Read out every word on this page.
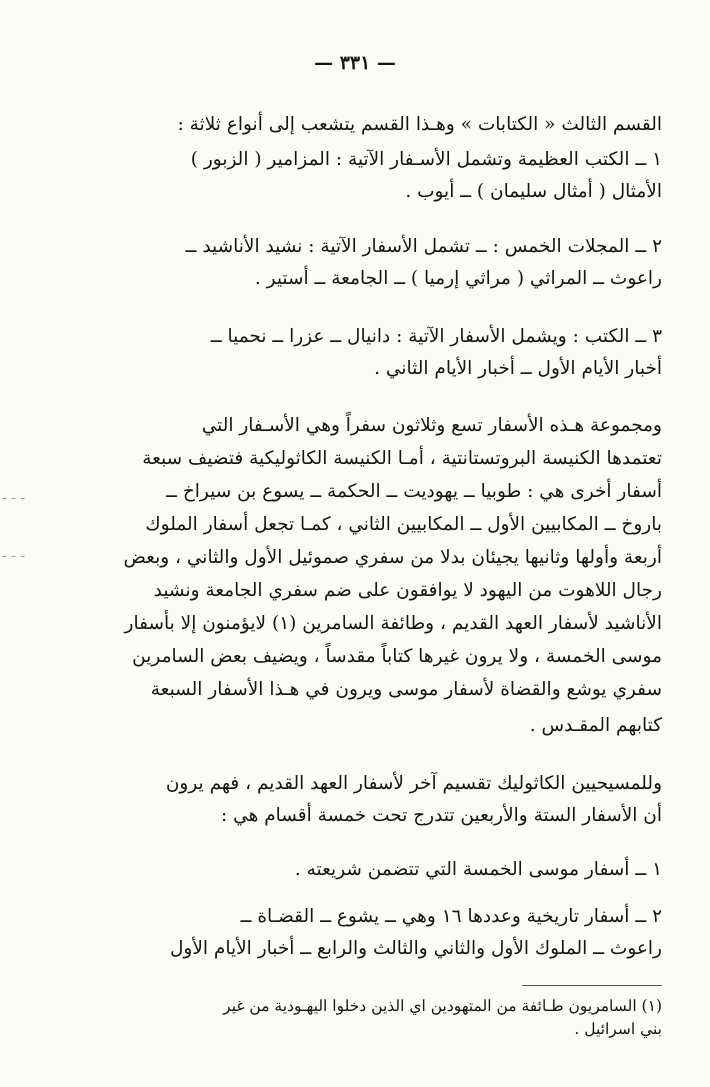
— ٣٣١ —
- - -
- - -
القسم الثالث « الكتابات » وهـذا القسم يتشعب إلى أنواع ثلاثة :
١ ــ الكتب العظيمة وتشمل الأسـفار الآتية : المزامير ( الزبور )
الأمثال ( أمثال سليمان ) ــ أيوب .
٢ ــ المجلات الخمس : ــ تشمل الأسفار الآتية : نشيد الأناشيد ــ
راعوث ــ المراثي ( مراثي إرميا ) ــ الجامعة ــ أستير .
٣ ــ الكتب : ويشمل الأسفار الآتية : دانيال ــ عزرا ــ نحميا ــ
أخبار الأيام الأول ــ أخبار الأيام الثاني .
ومجموعة هـذه الأسفار تسع وثلاثون سفراً وهي الأسـفار التي
تعتمدها الكنيسة البروتستانتية ، أمـا الكنيسة الكاثوليكية فتضيف سبعة
أسفار أخرى هي : طوبيا ــ يهوديت ــ الحكمة ــ يسوع بن سيراخ ــ
باروخ ــ المكابيين الأول ــ المكابيين الثاني ، كمـا تجعل أسفار الملوك
أربعة وأولها وثانيها يجيئان بدلا من سفري صموئيل الأول والثاني ، وبعض
رجال اللاهوت من اليهود لا يوافقون على ضم سفري الجامعة ونشيد
الأناشيد لأسفار العهد القديم ، وطائفة السامرين (١) لايؤمنون إلا بأسفار
موسى الخمسة ، ولا يرون غيرها كتاباً مقدساً ، ويضيف بعض السامرين
سفري يوشع والقضاة لأسفار موسى ويرون في هـذا الأسفار السبعة
كتابهم المقـدس .
وللمسيحيين الكاثوليك تقسيم آخر لأسفار العهد القديم ، فهم يرون
أن الأسفار الستة والأربعين تتدرج تحت خمسة أقسام هي :
١ ــ أسفار موسى الخمسة التي تتضمن شريعته .
٢ ــ أسفار تاريخية وعددها ١٦ وهي ــ يشوع ــ القضـاة ــ
راعوث ــ الملوك الأول والثاني والثالث والرابع ــ أخبار الأيام الأول
(١) السامريون طـائفة من المتهودين اي الذين دخلوا اليهـودية من غير
بني اسرائيل .
